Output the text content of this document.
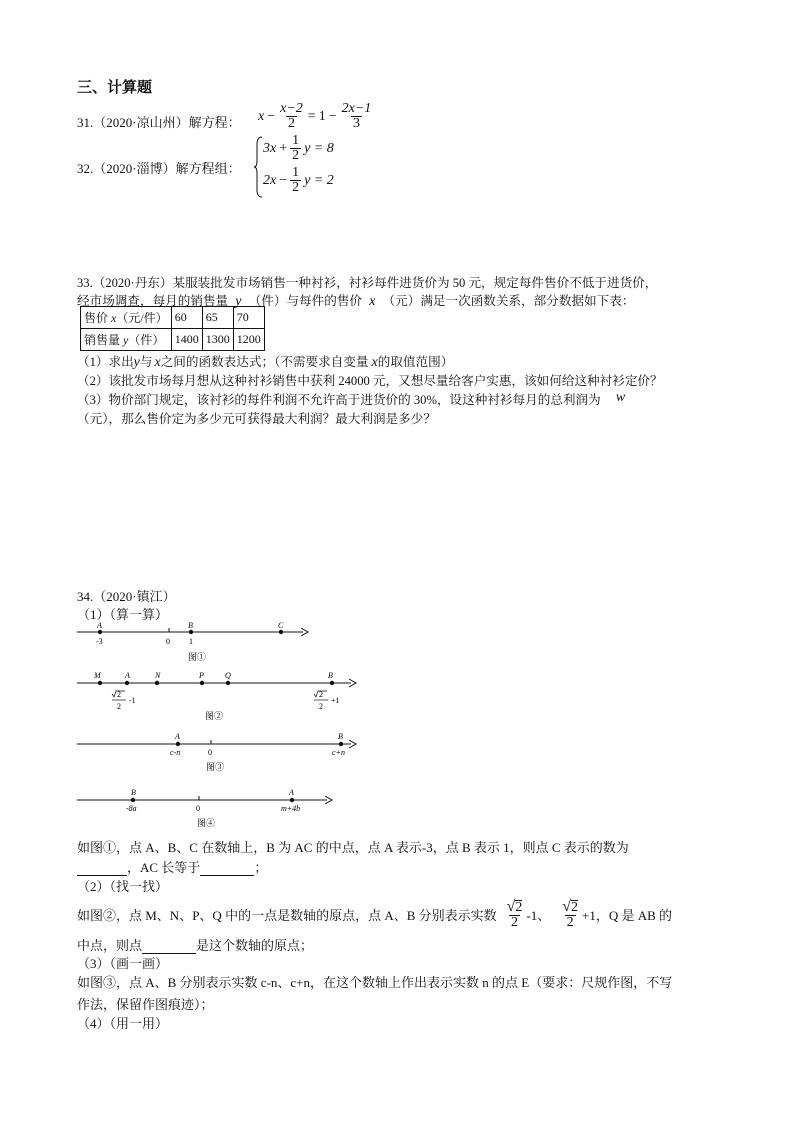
三、计算题
31.（2020·凉山州）解方程： $x - \frac{x-2}{2} = 1 - \frac{2x-1}{3}$
32.（2020·淄博）解方程组：
$3x + \frac{1}{2}$ y = 8
$2x - \frac{1}{2}$ y = 2
33.（2020·丹东）某服装批发市场销售一种衬衫，衬衫每件进货价为 50 元，规定每件售价不低于进货价，
经市场调查，每月的销售量 y （件）与每件的售价 x （元）满足一次函数关系，部分数据如下表：
售价 x（元/件）	60	65	70
销售量 y（件）	1400	1300	1200
（1）求出y与 x之间的函数表达式；（不需要求自变量 x的取值范围）
（2）该批发市场每月想从这种衬衫销售中获利 24000 元，又想尽量给客户实惠，该如何给这种衬衫定价？
（3）物价部门规定，该衬衫的每件利润不允许高于进货价的 30%，设这种衬衫每月的总利润为 w
（元），那么售价定为多少元可获得最大利润？最大利润是多少？
34.（2020·镇江）
（1）（算一算）
A
-3	0
B
1
C
图①
M	A	N	P	Q	B
2
2
-1
2
2
+1
图②
A
c-n	0
B
c+n
图③
B
-8a	0
A
m+4b
图④
如图①，点 A、B、C 在数轴上，B 为 AC 的中点，点 A 表示-3，点 B 表示 1，则点 C 表示的数为
，AC 长等于	；
（2）（找一找）
如图②，点 M、N、P、Q 中的一点是数轴的原点，点 A、B 分别表示实数 $\frac{√ 2}{2} -1$、 $\frac{√ 2}{2} +1$，Q 是 AB 的
中点，则点	是这个数轴的原点；
（3）（画一画）
如图③，点 A、B 分别表示实数 c-n、c+n，在这个数轴上作出表示实数 n 的点 E（要求：尺规作图，不写
作法，保留作图痕迹）；
（4）（用一用）
